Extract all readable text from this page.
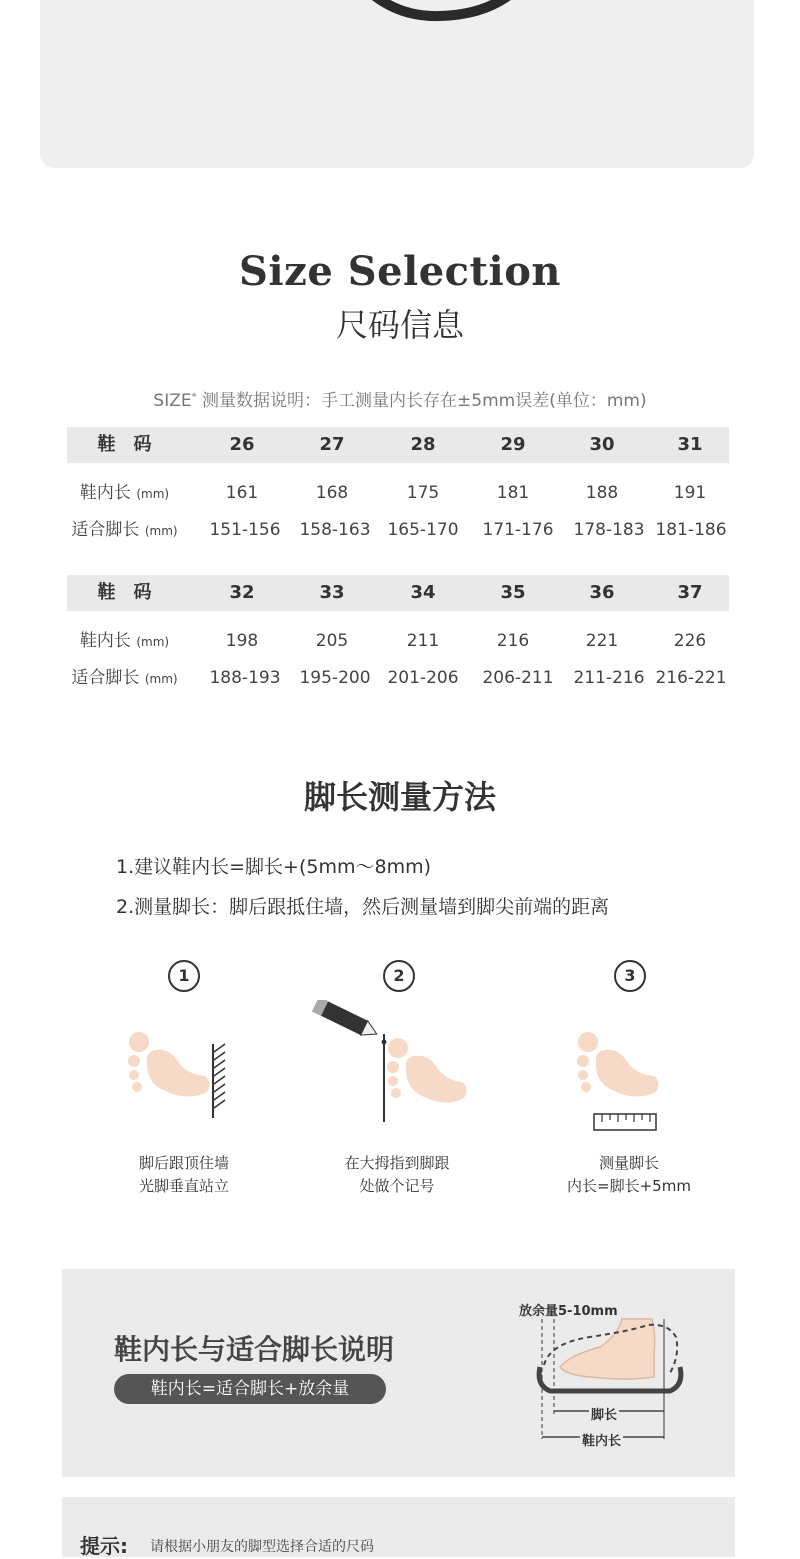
Size Selection
尺码信息
SIZE* 测量数据说明：手工测量内长存在±5mm误差(单位：mm)
鞋　码	26	27	28	29	30	31
鞋内长 (mm)	161	168	175	181	188	191
适合脚长 (mm)	151-156	158-163 165-170	171-176	178-183 181-186
鞋　码	32	33	34	35	36	37
鞋内长 (mm)	198	205	211	216	221	226
适合脚长 (mm)	188-193	195-200 201-206	206-211	211-216 216-221
脚长测量方法
1.建议鞋内长=脚长+(5mm～8mm)
2.测量脚长：脚后跟抵住墙，然后测量墙到脚尖前端的距离
1
脚后跟顶住墙
光脚垂直站立
2
在大拇指到脚跟
处做个记号
3
测量脚长
内长=脚长+5mm
鞋内长与适合脚长说明
鞋内长=适合脚长+放余量
放余量5-10mm
脚长
鞋内长
提示: 请根据小朋友的脚型选择合适的尺码
